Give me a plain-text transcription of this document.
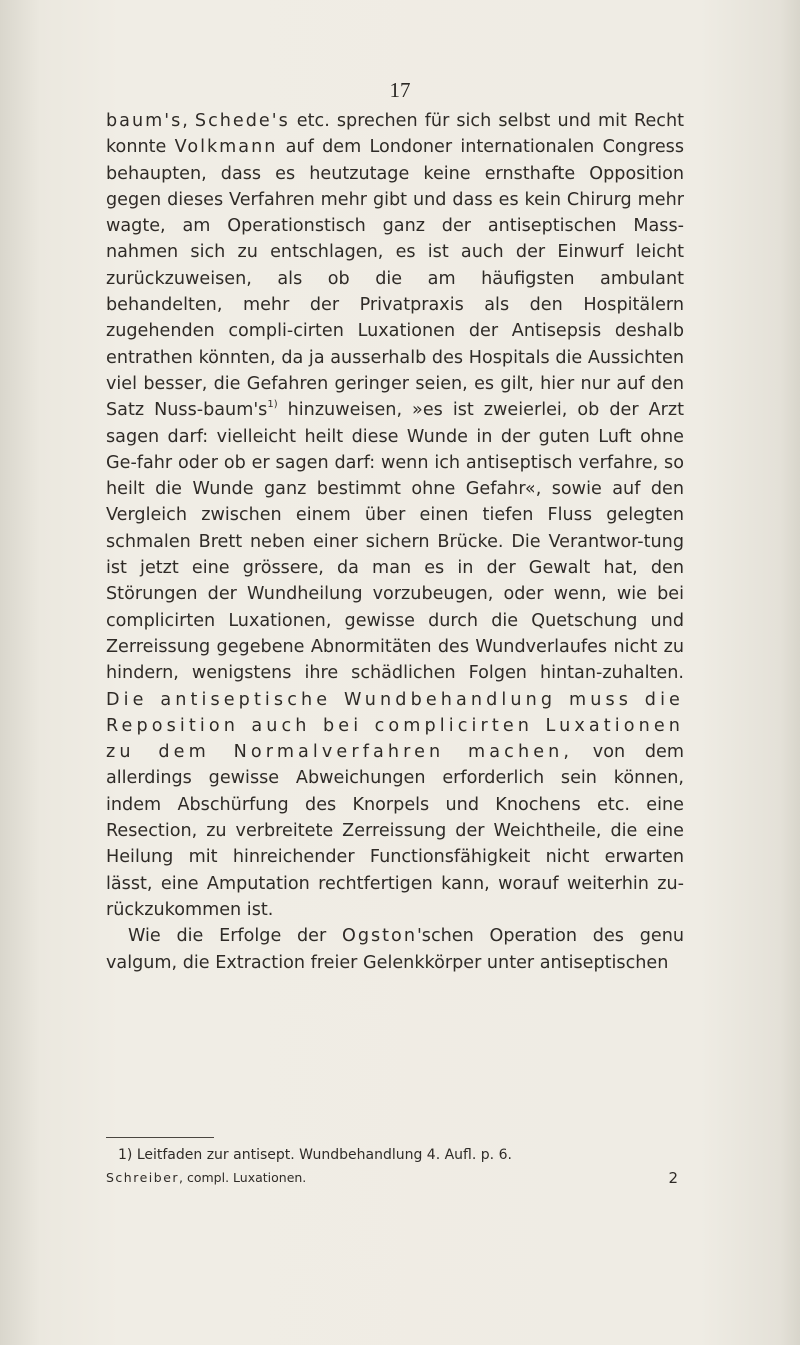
17

baum's, Schede's etc. sprechen für sich selbst und mit Recht konnte Volkmann auf dem Londoner internationalen Congress behaupten, dass es heutzutage keine ernsthafte Opposition gegen dieses Verfahren mehr gibt und dass es kein Chirurg mehr wagte, am Operationstisch ganz der antiseptischen Mass-nahmen sich zu entschlagen, es ist auch der Einwurf leicht zurückzuweisen, als ob die am häufigsten ambulant behandelten, mehr der Privatpraxis als den Hospitälern zugehenden compli-cirten Luxationen der Antisepsis deshalb entrathen könnten, da ja ausserhalb des Hospitals die Aussichten viel besser, die Gefahren geringer seien, es gilt, hier nur auf den Satz Nuss-$baum's^{1)}$ hinzuweisen, »es ist zweierlei, ob der Arzt sagen darf: vielleicht heilt diese Wunde in der guten Luft ohne Ge-fahr oder ob er sagen darf: wenn ich antiseptisch verfahre, so heilt die Wunde ganz bestimmt ohne Gefahr«, sowie auf den Vergleich zwischen einem über einen tiefen Fluss gelegten schmalen Brett neben einer sichern Brücke. Die Verantwor-tung ist jetzt eine grössere, da man es in der Gewalt hat, den Störungen der Wundheilung vorzubeugen, oder wenn, wie bei complicirten Luxationen, gewisse durch die Quetschung und Zerreissung gegebene Abnormitäten des Wundverlaufes nicht zu hindern, wenigstens ihre schädlichen Folgen hintan-zuhalten. Die antiseptische Wundbehandlung muss die Reposition auch bei complicirten Luxationen zu dem Normalverfahren machen, von dem allerdings gewisse Abweichungen erforderlich sein können, indem Abschürfung des Knorpels und Knochens etc. eine Resection, zu verbreitete Zerreissung der Weichtheile, die eine Heilung mit hinreichender Functionsfähigkeit nicht erwarten lässt, eine Amputation rechtfertigen kann, worauf weiterhin zu-rückzukommen ist.

Wie die Erfolge der Ogston'schen Operation des genu valgum, die Extraction freier Gelenkkörper unter antiseptischen

1) Leitfaden zur antisept. Wundbehandlung 4. Aufl. p. 6.
Schreiber, compl. Luxationen.	2
